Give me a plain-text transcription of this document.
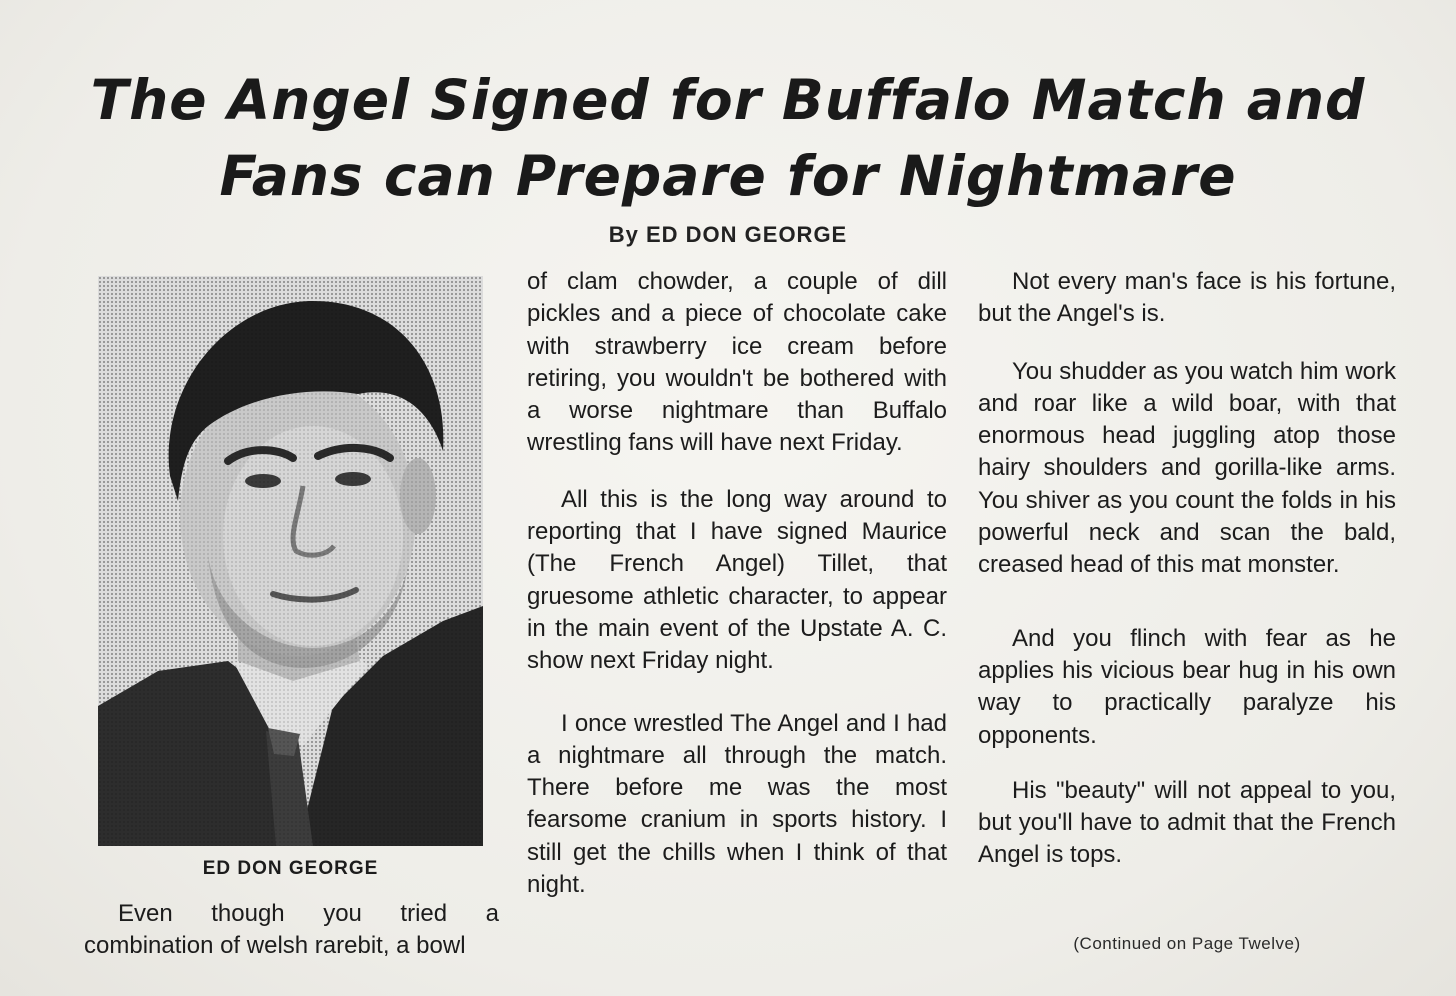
The Angel Signed for Buffalo Match and
Fans can Prepare for Nightmare
By ED DON GEORGE
ED DON GEORGE

Even though you tried a combination of welsh rarebit, a bowl

of clam chowder, a couple of dill pickles and a piece of chocolate cake with strawberry ice cream before retiring, you wouldn't be bothered with a worse nightmare than Buffalo wrestling fans will have next Friday.

All this is the long way around to reporting that I have signed Maurice (The French Angel) Tillet, that gruesome athletic character, to appear in the main event of the Upstate A. C. show next Friday night.

I once wrestled The Angel and I had a nightmare all through the match. There before me was the most fearsome cranium in sports history. I still get the chills when I think of that night.

Not every man's face is his fortune, but the Angel's is.

You shudder as you watch him work and roar like a wild boar, with that enormous head juggling atop those hairy shoulders and gorilla-like arms. You shiver as you count the folds in his powerful neck and scan the bald, creased head of this mat monster.

And you flinch with fear as he applies his vicious bear hug in his own way to practically paralyze his opponents.

His "beauty" will not appeal to you, but you'll have to admit that the French Angel is tops.

(Continued on Page Twelve)
